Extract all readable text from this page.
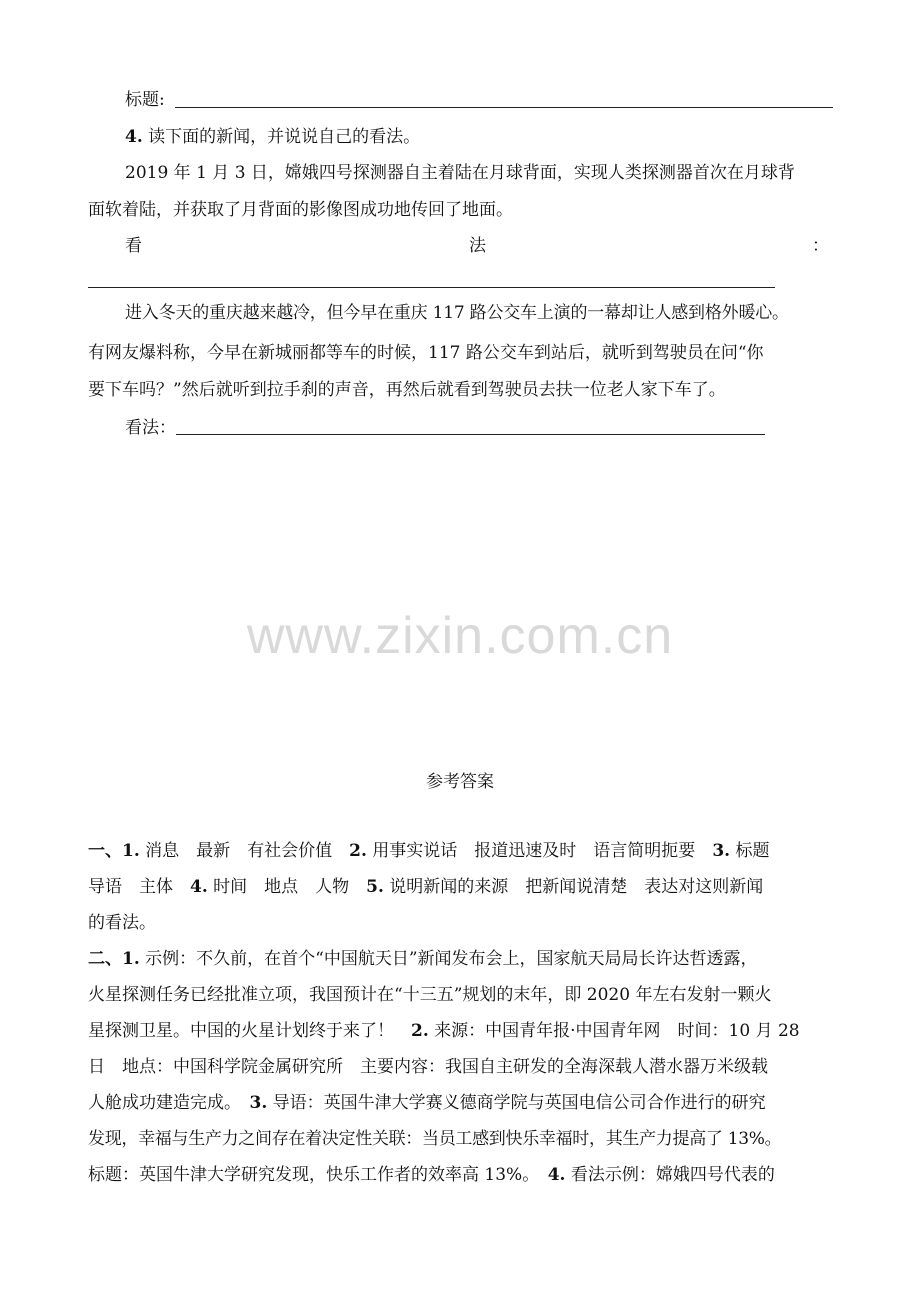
标题:
4. 读下面的新闻，并说说自己的看法。
2019 年 1 月 3 日，嫦娥四号探测器自主着陆在月球背面，实现人类探测器首次在月球背
面软着陆，并获取了月背面的影像图成功地传回了地面。
看	法	：
进入冬天的重庆越来越冷，但今早在重庆 117 路公交车上演的一幕却让人感到格外暖心。
有网友爆料称，今早在新城丽都等车的时候，117 路公交车到站后，就听到驾驶员在问“你
要下车吗？”然后就听到拉手刹的声音，再然后就看到驾驶员去扶一位老人家下车了。
看法：
www.zixin.com.cn
参考答案
一、1. 消息　最新　有社会价值　2. 用事实说话　报道迅速及时　语言简明扼要　3. 标题
导语　主体　4. 时间　地点　人物　5. 说明新闻的来源　把新闻说清楚　表达对这则新闻
的看法。
二、1. 示例：不久前，在首个“中国航天日”新闻发布会上，国家航天局局长许达哲透露，
火星探测任务已经批准立项，我国预计在“十三五”规划的末年，即 2020 年左右发射一颗火
星探测卫星。中国的火星计划终于来了！　2. 来源：中国青年报·中国青年网　时间：10 月 28
日　地点：中国科学院金属研究所　主要内容：我国自主研发的全海深载人潜水器万米级载
人舱成功建造完成。　3. 导语：英国牛津大学赛义德商学院与英国电信公司合作进行的研究
发现，幸福与生产力之间存在着决定性关联：当员工感到快乐幸福时，其生产力提高了 13%。
标题：英国牛津大学研究发现，快乐工作者的效率高 13%。　4. 看法示例：嫦娥四号代表的
